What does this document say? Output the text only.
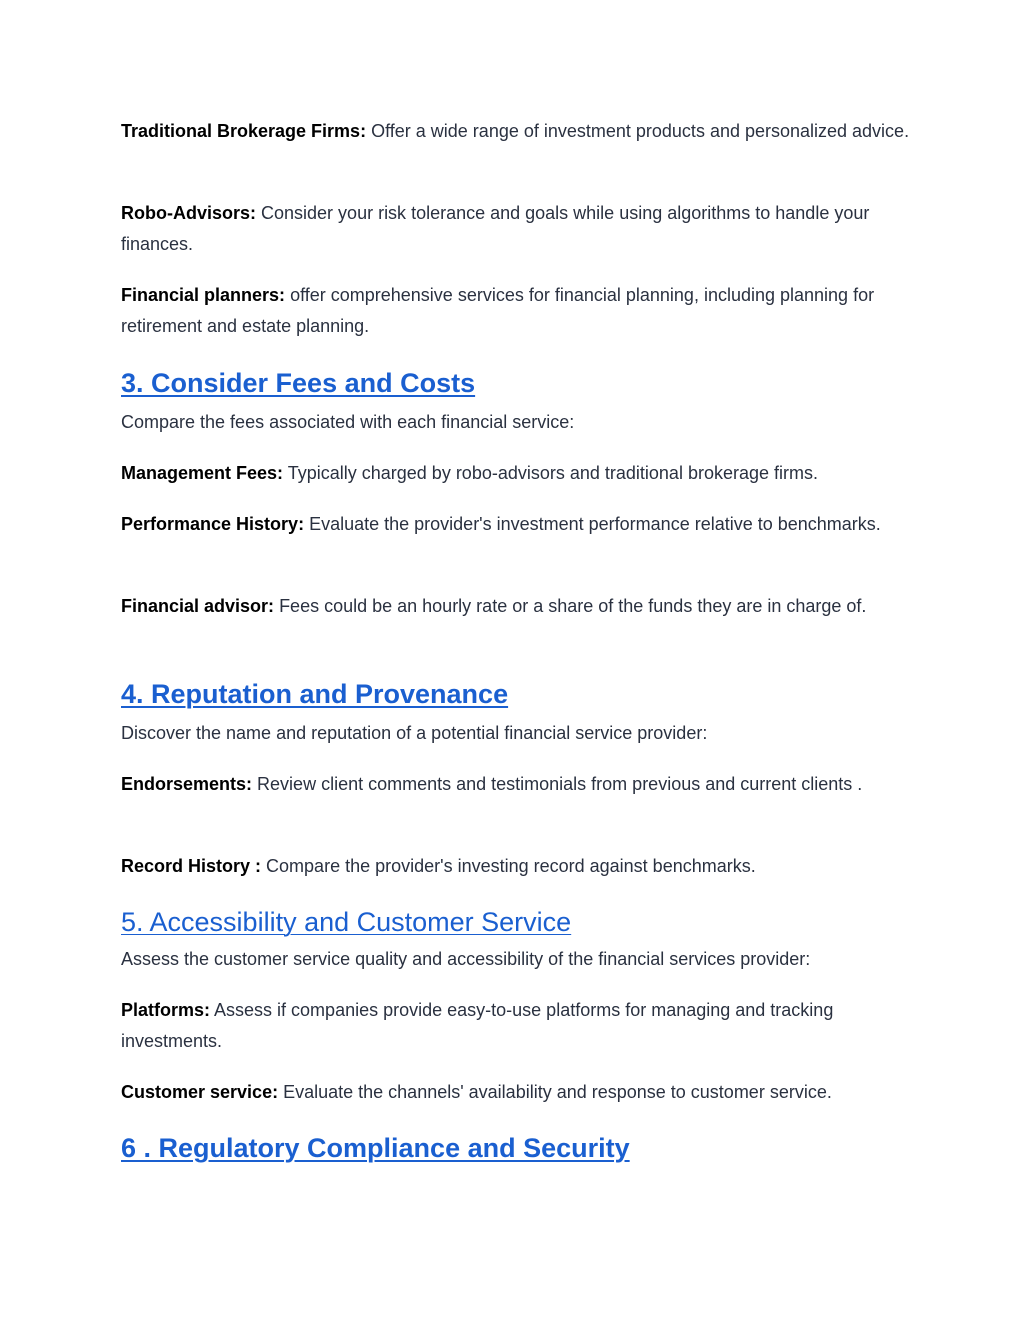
Traditional Brokerage Firms: Offer a wide range of investment products and personalized advice.

Robo-Advisors: Consider your risk tolerance and goals while using algorithms to handle your finances.

Financial planners: offer comprehensive services for financial planning, including planning for retirement and estate planning.

3. Consider Fees and Costs

Compare the fees associated with each financial service:

Management Fees: Typically charged by robo-advisors and traditional brokerage firms.

Performance History: Evaluate the provider's investment performance relative to benchmarks.

Financial advisor: Fees could be an hourly rate or a share of the funds they are in charge of.

4. Reputation and Provenance

Discover the name and reputation of a potential financial service provider:

Endorsements: Review client comments and testimonials from previous and current clients .

Record History : Compare the provider's investing record against benchmarks.

5. Accessibility and Customer Service

Assess the customer service quality and accessibility of the financial services provider:

Platforms: Assess if companies provide easy-to-use platforms for managing and tracking investments.

Customer service: Evaluate the channels' availability and response to customer service.

6 . Regulatory Compliance and Security
